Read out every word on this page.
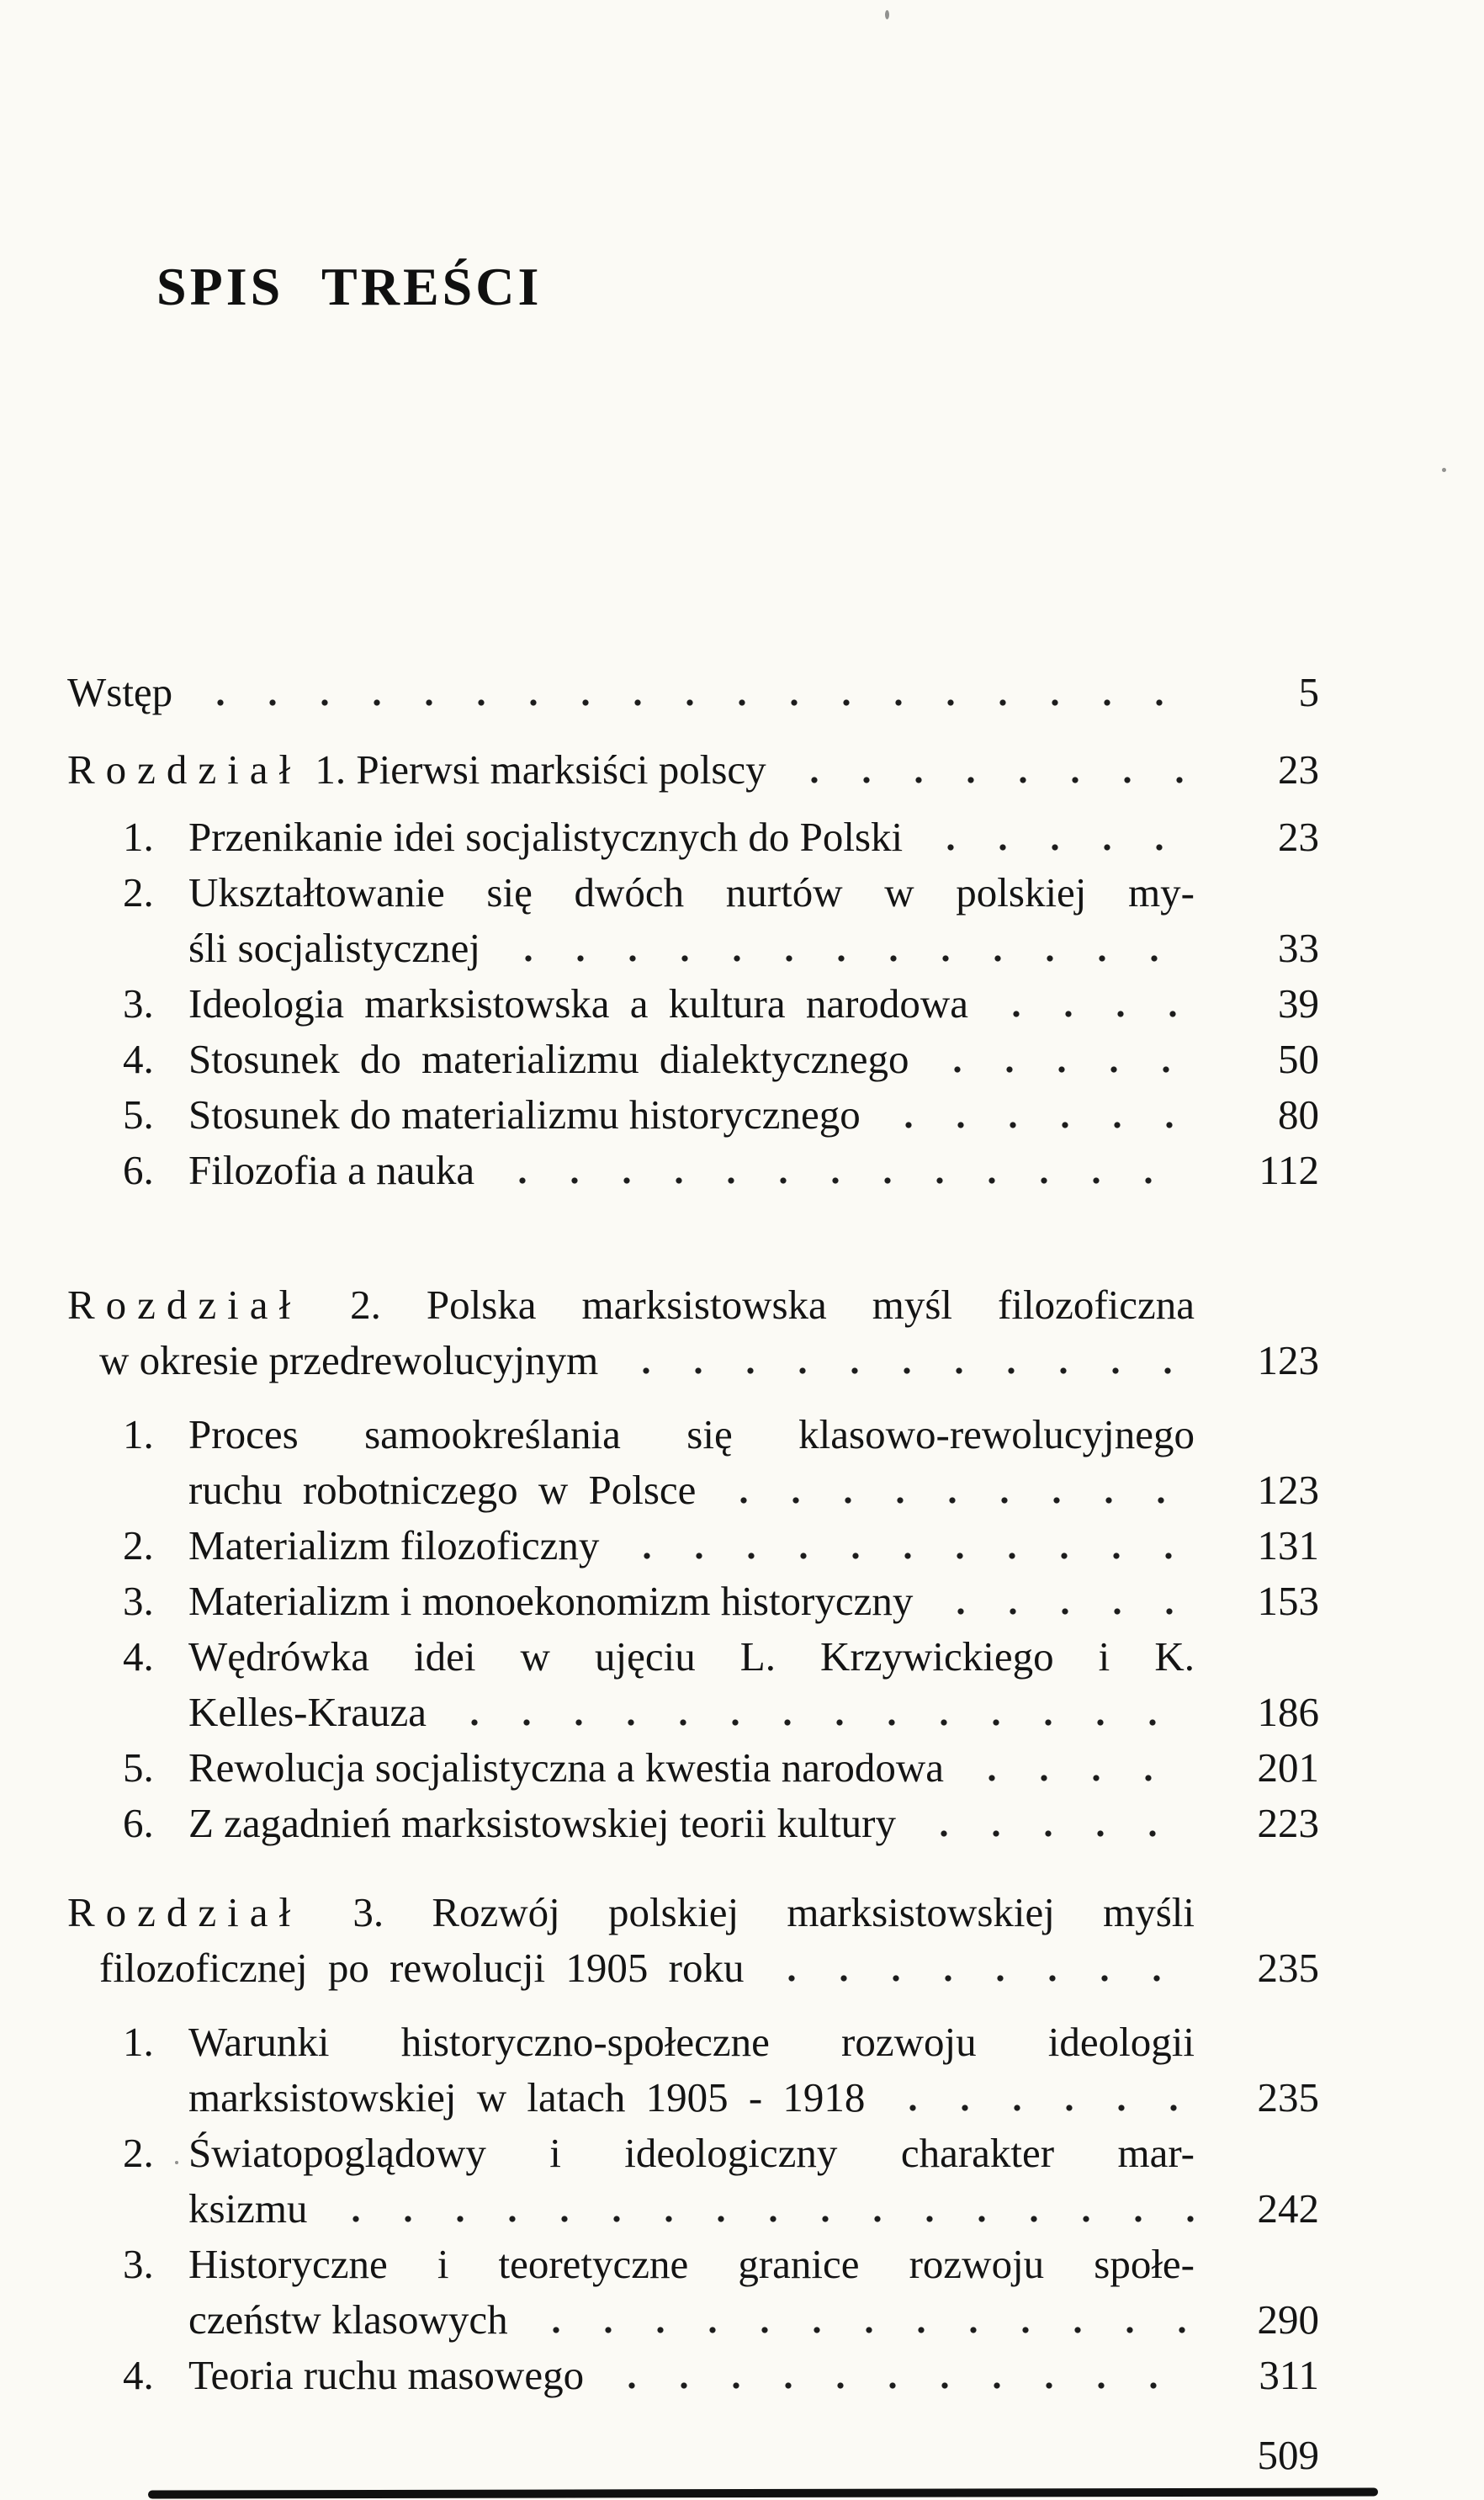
SPIS TREŚCI
Wstęp	5
Rozdział 1. Pierwsi marksiści polscy	23
1. Przenikanie idei socjalistycznych do Polski	23
2. Ukształtowanie się dwóch nurtów w polskiej my-
śli socjalistycznej	33
3. Ideologia marksistowska a kultura narodowa	39
4. Stosunek do materializmu dialektycznego	50
5. Stosunek do materializmu historycznego	80
6. Filozofia a nauka	112
Rozdział 2. Polska marksistowska myśl filozoficzna
w okresie przedrewolucyjnym	123
1. Proces samookreślania się klasowo-rewolucyjnego
ruchu robotniczego w Polsce	123
2. Materializm filozoficzny	131
3. Materializm i monoekonomizm historyczny	153
4. Wędrówka idei w ujęciu L. Krzywickiego i K.
Kelles-Krauza	186
5. Rewolucja socjalistyczna a kwestia narodowa	201
6. Z zagadnień marksistowskiej teorii kultury	223
Rozdział 3. Rozwój polskiej marksistowskiej myśli
filozoficznej po rewolucji 1905 roku	235
1. Warunki historyczno-społeczne rozwoju ideologii
marksistowskiej w latach 1905 - 1918	235
2. Światopoglądowy i ideologiczny charakter mar-
ksizmu	242
3. Historyczne i teoretyczne granice rozwoju społe-
czeństw klasowych	290
4. Teoria ruchu masowego	311
509
